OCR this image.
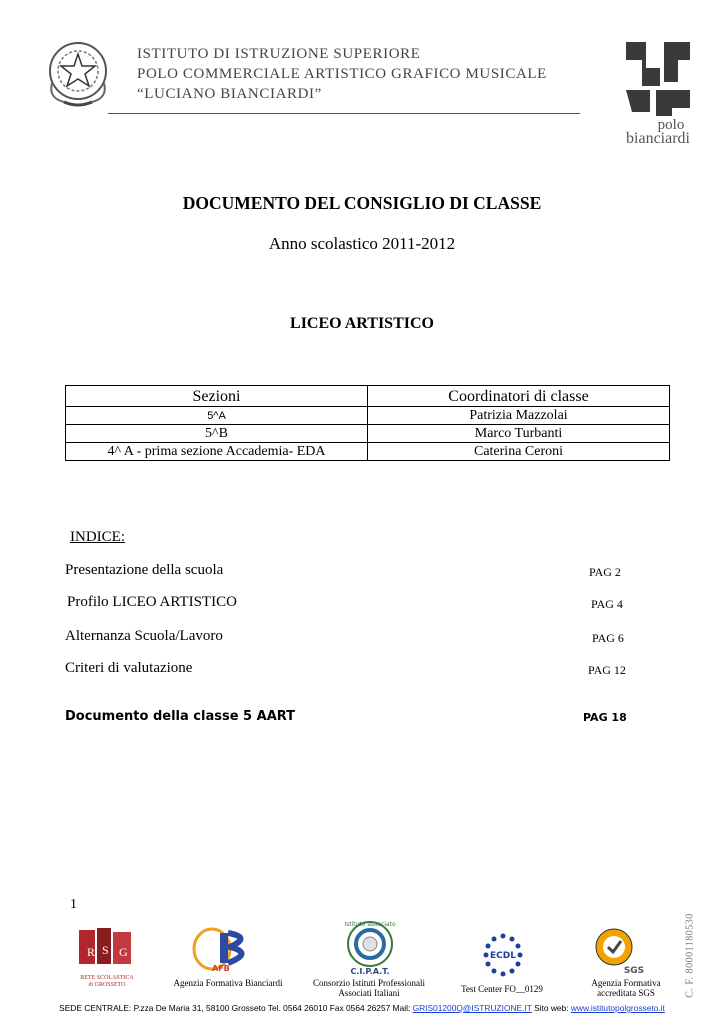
ISTITUTO DI ISTRUZIONE SUPERIORE
POLO COMMERCIALE ARTISTICO GRAFICO MUSICALE
“LUCIANO BIANCIARDI”
polo
bianciardi
DOCUMENTO DEL CONSIGLIO DI CLASSE
Anno scolastico 2011-2012
LICEO ARTISTICO
Sezioni	Coordinatori di classe
5^A	Patrizia Mazzolai
5^B	Marco Turbanti
4^ A - prima sezione Accademia- EDA	Caterina Ceroni
INDICE:
Presentazione della scuola	PAG 2
Profilo LICEO ARTISTICO	PAG 4
Alternanza Scuola/Lavoro	PAG 6
Criteri di valutazione	PAG 12
Documento della classe 5 AART	PAG 18
1
C. F. 80001180530
R S G
RETE SCOLASTICA
di GROSSETO
AFB
Agenzia Formativa Bianciardi
Istituto associato
C.I.P.A.T.
Consorzio Istituti Professionali
Associati Italiani
ECDL
Test Center FO__0129
SGS
Agenzia Formativa
accreditata SGS
SEDE CENTRALE: P.zza De Maria 31, 58100 Grosseto Tel. 0564 26010 Fax 0564 26257 Mail: GRIS01200Q@ISTRUZIONE.IT Sito web: www.istitutopolgrosseto.it
